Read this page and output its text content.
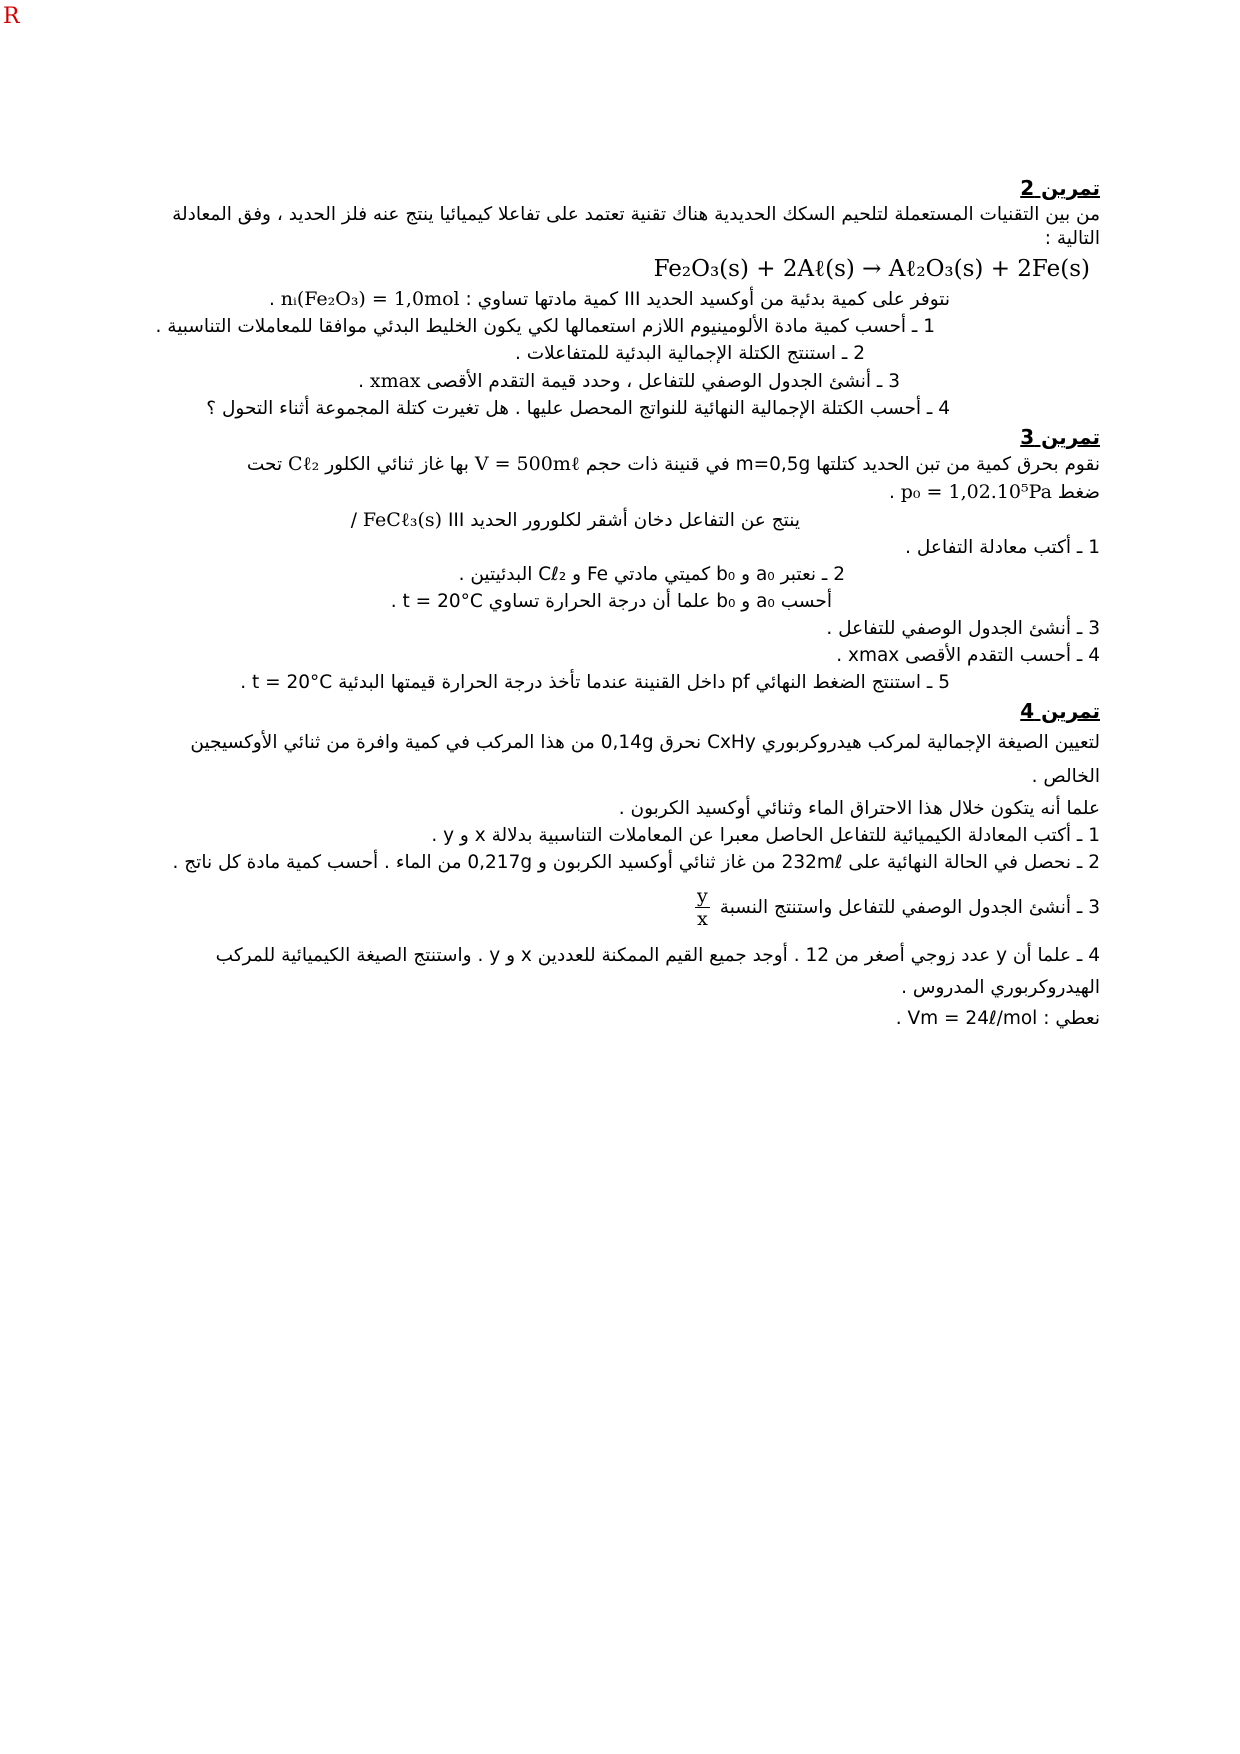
R
تمرين 2
من بين التقنيات المستعملة لتلحيم السكك الحديدية هناك تقنية تعتمد على تفاعلا كيميائيا ينتج عنه فلز الحديد ، وفق المعادلة التالية :
Fe₂O₃(s) + 2Aℓ(s) → Aℓ₂O₃(s) + 2Fe(s)
نتوفر على كمية بدئية من أوكسيد الحديد III كمية مادتها تساوي : nᵢ(Fe₂O₃) = 1,0mol .
1 ـ أحسب كمية مادة الألومينيوم اللازم استعمالها لكي يكون الخليط البدئي موافقا للمعاملات التناسبية .
2 ـ استنتج الكتلة الإجمالية البدئية للمتفاعلات .
3 ـ أنشئ الجدول الوصفي للتفاعل ، وحدد قيمة التقدم الأقصى xmax .
4 ـ أحسب الكتلة الإجمالية النهائية للنواتج المحصل عليها . هل تغيرت كتلة المجموعة أثناء التحول ؟
تمرين 3
نقوم بحرق كمية من تبن الحديد كتلتها m=0,5g في قنينة ذات حجم V = 500mℓ بها غاز ثنائي الكلور Cℓ₂ تحت
ضغط p₀ = 1,02.10⁵Pa .
ينتج عن التفاعل دخان أشقر لكلورور الحديد III FeCℓ₃(s) /
1 ـ أكتب معادلة التفاعل .
2 ـ نعتبر a₀ و b₀ كميتي مادتي Fe و Cℓ₂ البدئيتين .
أحسب a₀ و b₀ علما أن درجة الحرارة تساوي t = 20°C .
3 ـ أنشئ الجدول الوصفي للتفاعل .
4 ـ أحسب التقدم الأقصى xmax .
5 ـ استنتج الضغط النهائي pf داخل القنينة عندما تأخذ درجة الحرارة قيمتها البدئية t = 20°C .
تمرين 4
لتعيين الصيغة الإجمالية لمركب هيدروكربوري CxHy نحرق 0,14g من هذا المركب في كمية وافرة من ثنائي الأوكسيجين الخالص .
علما أنه يتكون خلال هذا الاحتراق الماء وثنائي أوكسيد الكربون .
1 ـ أكتب المعادلة الكيميائية للتفاعل الحاصل معبرا عن المعاملات التناسبية بدلالة x و y .
2 ـ نحصل في الحالة النهائية على 232mℓ من غاز ثنائي أوكسيد الكربون و 0,217g من الماء . أحسب كمية مادة كل ناتج .
3 ـ أنشئ الجدول الوصفي للتفاعل واستنتج النسبة
$\frac{y}{x}$
4 ـ علما أن y عدد زوجي أصغر من 12 . أوجد جميع القيم الممكنة للعددين x و y . واستنتج الصيغة الكيميائية للمركب الهيدروكربوري المدروس .
نعطي : Vm = 24ℓ/mol .
